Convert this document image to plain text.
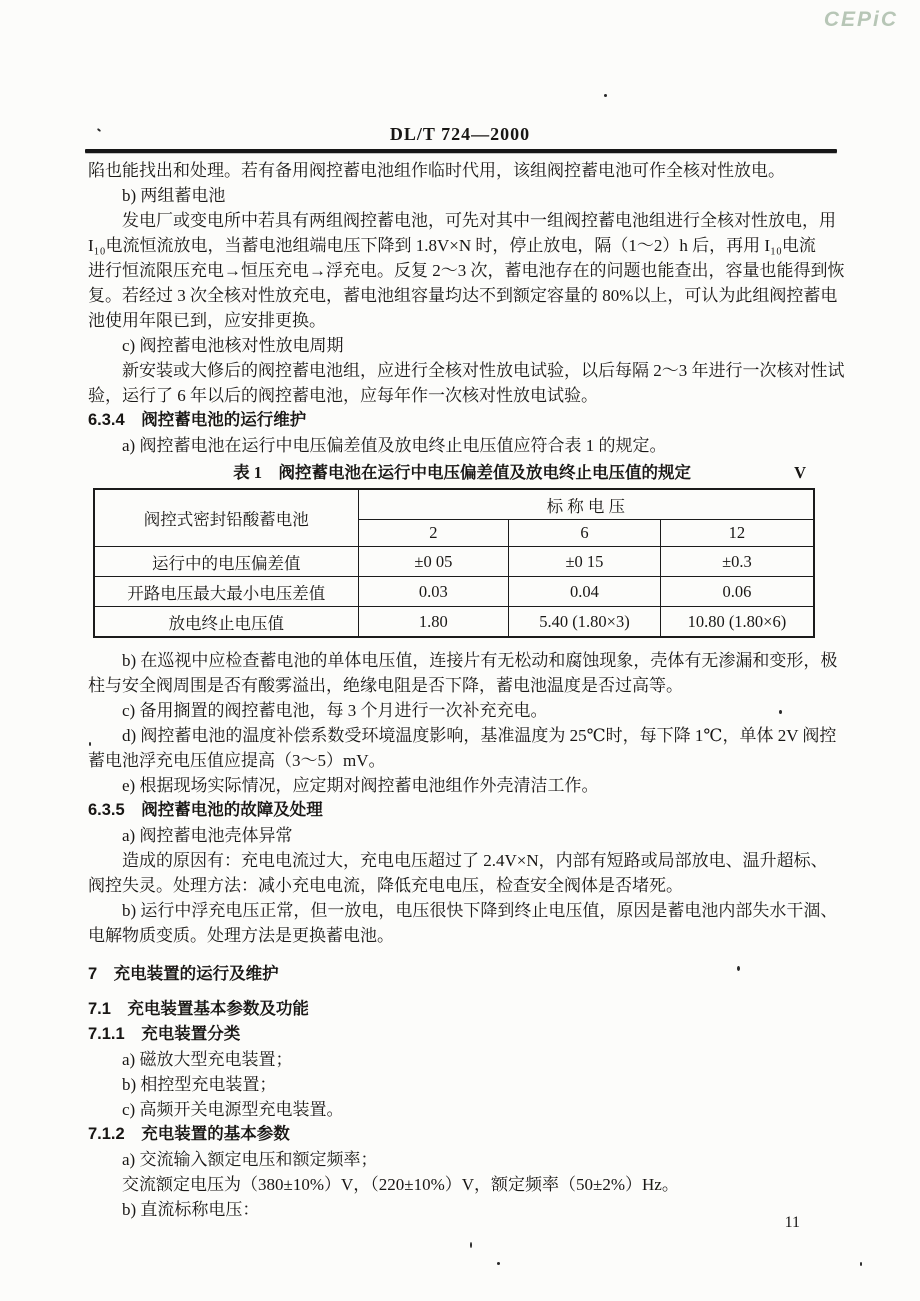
CEPiC
DL/T 724—2000
陷也能找出和处理。若有备用阀控蓄电池组作临时代用，该组阀控蓄电池可作全核对性放电。
b) 两组蓄电池
发电厂或变电所中若具有两组阀控蓄电池，可先对其中一组阀控蓄电池组进行全核对性放电，用
I₁₀电流恒流放电，当蓄电池组端电压下降到 1.8V×N 时，停止放电，隔（1～2）h 后，再用 I₁₀电流
进行恒流限压充电→恒压充电→浮充电。反复 2～3 次，蓄电池存在的问题也能查出，容量也能得到恢
复。若经过 3 次全核对性放充电，蓄电池组容量均达不到额定容量的 80%以上，可认为此组阀控蓄电
池使用年限已到，应安排更换。
c) 阀控蓄电池核对性放电周期
新安装或大修后的阀控蓄电池组，应进行全核对性放电试验，以后每隔 2～3 年进行一次核对性试
验，运行了 6 年以后的阀控蓄电池，应每年作一次核对性放电试验。
6.3.4　阀控蓄电池的运行维护
a) 阀控蓄电池在运行中电压偏差值及放电终止电压值应符合表 1 的规定。
表 1　阀控蓄电池在运行中电压偏差值及放电终止电压值的规定	V
阀控式密封铅酸蓄电池	标 称 电 压		
	2	6	12
运行中的电压偏差值	±0 05	±0 15	±0.3
开路电压最大最小电压差值	0.03	0.04	0.06
放电终止电压值	1.80	5.40 (1.80×3)	10.80 (1.80×6)
b) 在巡视中应检查蓄电池的单体电压值，连接片有无松动和腐蚀现象，壳体有无渗漏和变形，极
柱与安全阀周围是否有酸雾溢出，绝缘电阻是否下降，蓄电池温度是否过高等。
c) 备用搁置的阀控蓄电池，每 3 个月进行一次补充充电。
d) 阀控蓄电池的温度补偿系数受环境温度影响，基准温度为 25℃时，每下降 1℃，单体 2V 阀控
蓄电池浮充电压值应提高（3～5）mV。
e) 根据现场实际情况，应定期对阀控蓄电池组作外壳清洁工作。
6.3.5　阀控蓄电池的故障及处理
a) 阀控蓄电池壳体异常
造成的原因有：充电电流过大，充电电压超过了 2.4V×N，内部有短路或局部放电、温升超标、
阀控失灵。处理方法：减小充电电流，降低充电电压，检查安全阀体是否堵死。
b) 运行中浮充电压正常，但一放电，电压很快下降到终止电压值，原因是蓄电池内部失水干涸、
电解物质变质。处理方法是更换蓄电池。
7　充电装置的运行及维护
7.1　充电装置基本参数及功能
7.1.1　充电装置分类
a) 磁放大型充电装置；
b) 相控型充电装置；
c) 高频开关电源型充电装置。
7.1.2　充电装置的基本参数
a) 交流输入额定电压和额定频率；
交流额定电压为（380±10%）V，（220±10%）V，额定频率（50±2%）Hz。
b) 直流标称电压：
11
